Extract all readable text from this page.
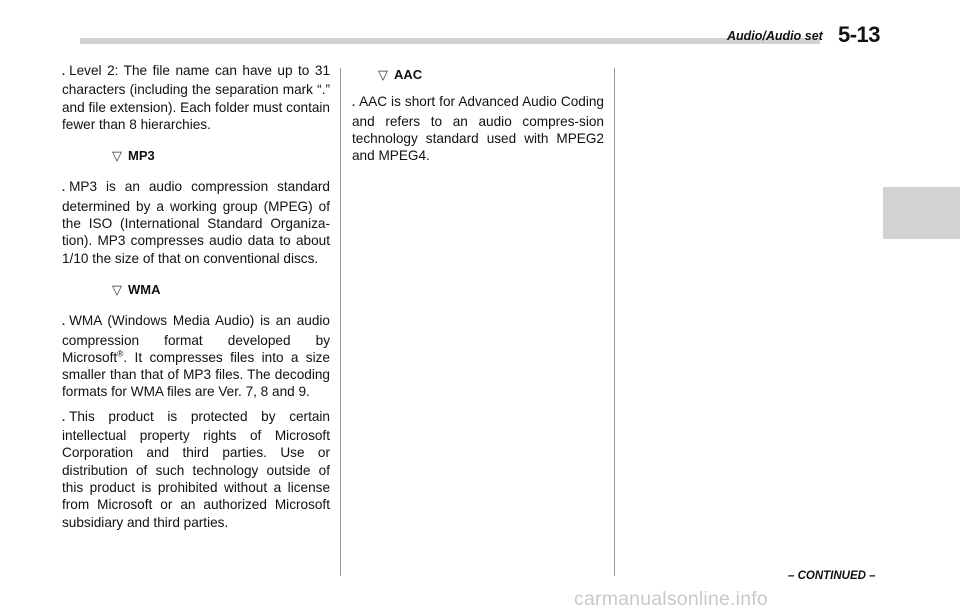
Audio/Audio set 5-13

. Level 2: The file name can have up to 31 characters (including the separation mark “.” and file extension). Each folder must contain fewer than 8 hierarchies.

▽ MP3

. MP3 is an audio compression standard determined by a working group (MPEG) of the ISO (International Standard Organiza-tion). MP3 compresses audio data to about 1/10 the size of that on conventional discs.

▽ WMA

. WMA (Windows Media Audio) is an audio compression format developed by Microsoft®. It compresses files into a size smaller than that of MP3 files. The decoding formats for WMA files are Ver. 7, 8 and 9.

. This product is protected by certain intellectual property rights of Microsoft Corporation and third parties. Use or distribution of such technology outside of this product is prohibited without a license from Microsoft or an authorized Microsoft subsidiary and third parties.

▽ AAC

. AAC is short for Advanced Audio Coding and refers to an audio compres-sion technology standard used with MPEG2 and MPEG4.

– CONTINUED –
carmanualsonline.info
